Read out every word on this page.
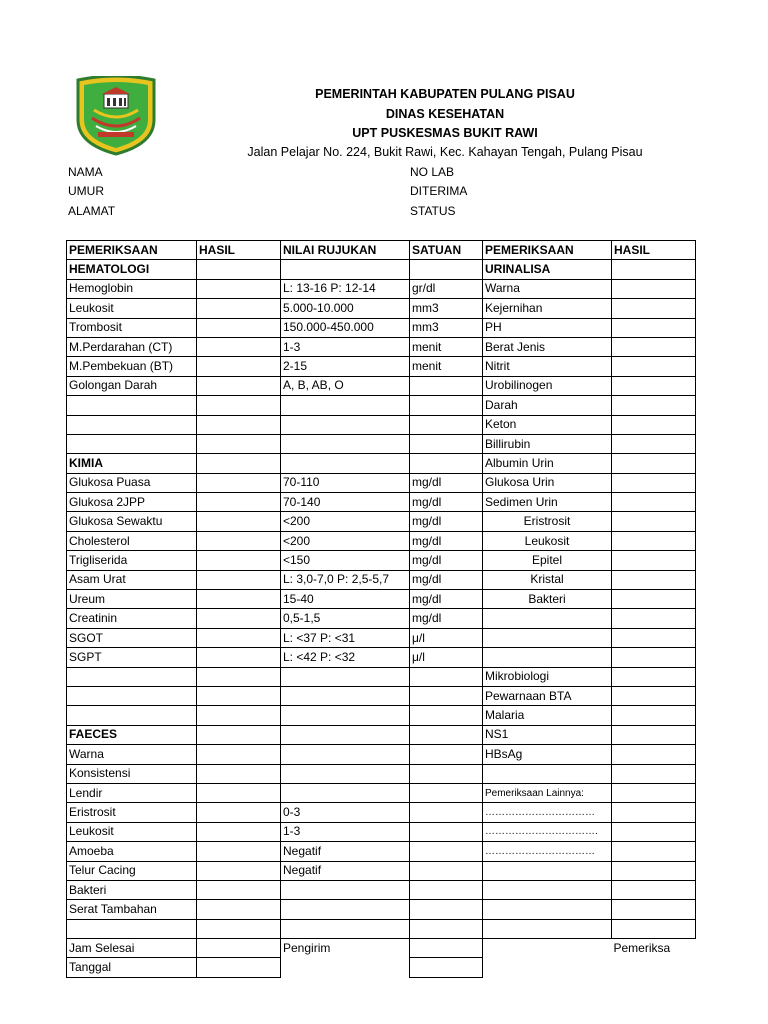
PEMERINTAH KABUPATEN PULANG PISAU
DINAS KESEHATAN
UPT PUSKESMAS BUKIT RAWI
Jalan Pelajar No. 224, Bukit Rawi, Kec. Kahayan Tengah, Pulang Pisau
NAMA
UMUR
ALAMAT
NO LAB
DITERIMA
STATUS
PEMERIKSAAN	HASIL	NILAI RUJUKAN	SATUAN	PEMERIKSAAN	HASIL
HEMATOLOGI				URINALISA	
Hemoglobin		L: 13-16 P: 12-14	gr/dl	Warna	
Leukosit		5.000-10.000	mm3	Kejernihan	
Trombosit		150.000-450.000	mm3	PH	
M.Perdarahan (CT)		1-3	menit	Berat Jenis	
M.Pembekuan (BT)		2-15	menit	Nitrit	
Golongan Darah		A, B, AB, O		Urobilinogen	
				Darah	
				Keton	
				Billirubin	
KIMIA				Albumin Urin	
Glukosa Puasa		70-110	mg/dl	Glukosa Urin	
Glukosa 2JPP		70-140	mg/dl	Sedimen Urin	
Glukosa Sewaktu		<200	mg/dl	Eristrosit	
Cholesterol		<200	mg/dl	Leukosit	
Trigliserida		<150	mg/dl	Epitel	
Asam Urat		L: 3,0-7,0 P: 2,5-5,7	mg/dl	Kristal	
Ureum		15-40	mg/dl	Bakteri	
Creatinin		0,5-1,5	mg/dl		
SGOT		L: <37 P: <31	μ/l		
SGPT		L: <42 P: <32	μ/l		
				Mikrobiologi	
				Pewarnaan BTA	
				Malaria	
FAECES				NS1	
Warna				HBsAg	
Konsistensi					
Lendir				Pemeriksaan Lainnya:	
Eristrosit		0-3		……………………………	
Leukosit		1-3		…………………………….	
Amoeba		Negatif		……………………………	
Telur Cacing		Negatif			
Bakteri					
Serat Tambahan					

Jam Selesai		Pengirim			Pemeriksa
Tanggal					
